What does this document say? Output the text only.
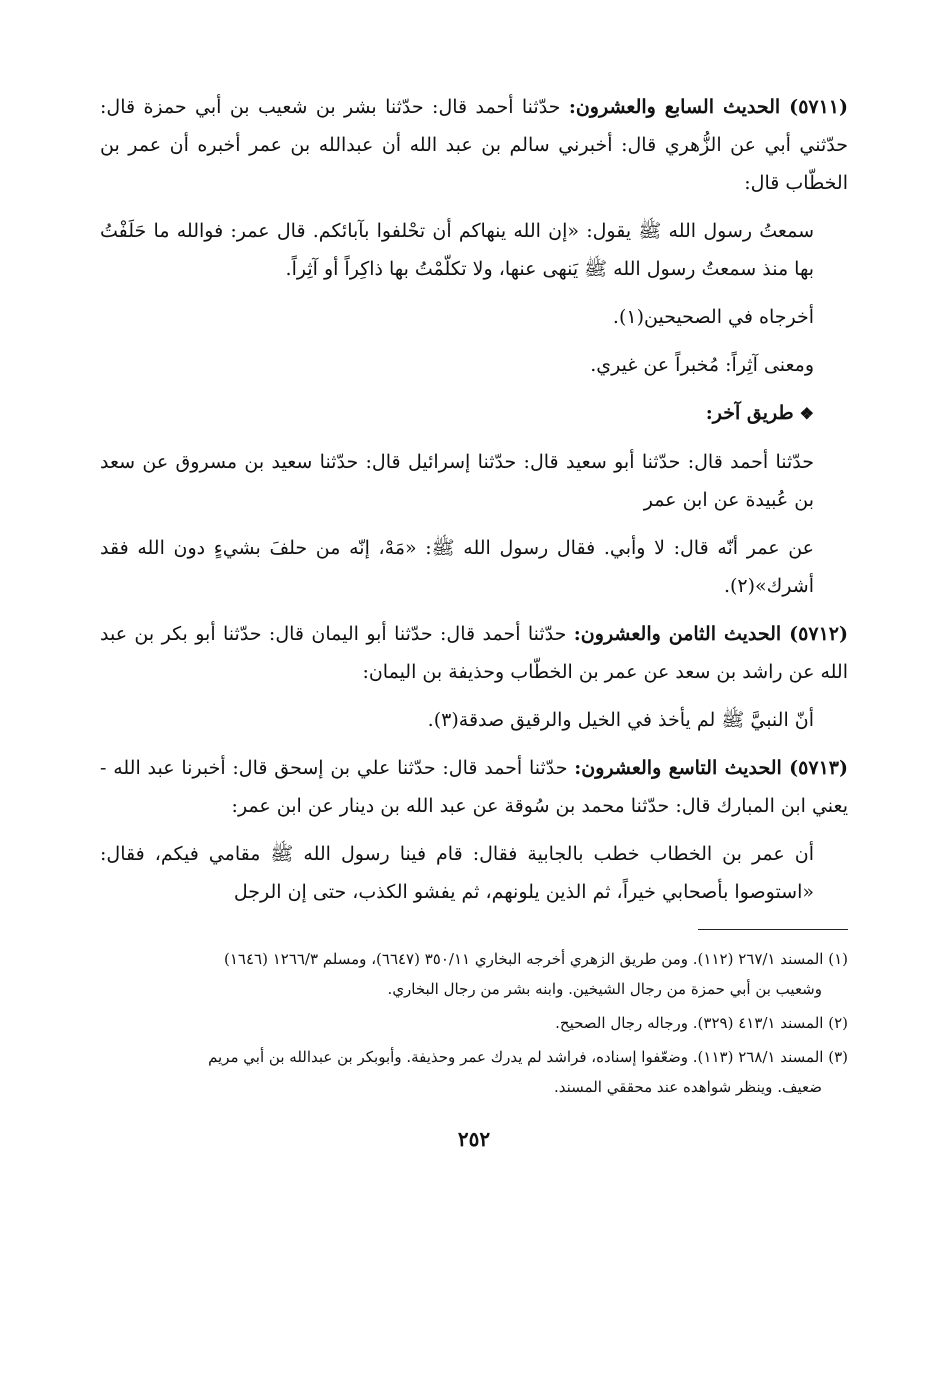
(٥٧١١) الحديث السابع والعشرون: حدّثنا أحمد قال: حدّثنا بشر بن شعيب بن أبي حمزة قال: حدّثني أبي عن الزُّهري قال: أخبرني سالم بن عبد الله أن عبدالله بن عمر أخبره أن عمر بن الخطّاب قال:

سمعتُ رسول الله ﷺ يقول: «إن الله ينهاكم أن تحْلفوا بآبائكم. قال عمر: فوالله ما حَلَفْتُ بها منذ سمعتُ رسول الله ﷺ يَنهى عنها، ولا تكلّمْتُ بها ذاكِراً أو آثِراً.

أخرجاه في الصحيحين(١).

ومعنى آثِراً: مُخبراً عن غيري.

❖طريق آخر:

حدّثنا أحمد قال: حدّثنا أبو سعيد قال: حدّثنا إسرائيل قال: حدّثنا سعيد بن مسروق عن سعد بن عُبيدة عن ابن عمر

عن عمر أنّه قال: لا وأبي. فقال رسول الله ﷺ: «مَهْ، إنّه من حلفَ بشيءٍ دون الله فقد أشرك»(٢).

(٥٧١٢) الحديث الثامن والعشرون: حدّثنا أحمد قال: حدّثنا أبو اليمان قال: حدّثنا أبو بكر بن عبد الله عن راشد بن سعد عن عمر بن الخطّاب وحذيفة بن اليمان:

أنّ النبيَّ ﷺ لم يأخذ في الخيل والرقيق صدقة(٣).

(٥٧١٣) الحديث التاسع والعشرون: حدّثنا أحمد قال: حدّثنا علي بن إسحق قال: أخبرنا عبد الله - يعني ابن المبارك قال: حدّثنا محمد بن سُوقة عن عبد الله بن دينار عن ابن عمر:

أن عمر بن الخطاب خطب بالجابية فقال: قام فينا رسول الله ﷺ مقامي فيكم، فقال: «استوصوا بأصحابي خيراً، ثم الذين يلونهم، ثم يفشو الكذب، حتى إن الرجل

(١) المسند ٢٦٧/١ (١١٢). ومن طريق الزهري أخرجه البخاري ٣٥٠/١١ (٦٦٤٧)، ومسلم ١٢٦٦/٣ (١٦٤٦)
وشعيب بن أبي حمزة من رجال الشيخين. وابنه بشر من رجال البخاري.

(٢) المسند ٤١٣/١ (٣٢٩). ورجاله رجال الصحيح.

(٣) المسند ٢٦٨/١ (١١٣). وضعّفوا إسناده، فراشد لم يدرك عمر وحذيفة. وأبوبكر بن عبدالله بن أبي مريم
ضعيف. وينظر شواهده عند محققي المسند.

٢٥٢
